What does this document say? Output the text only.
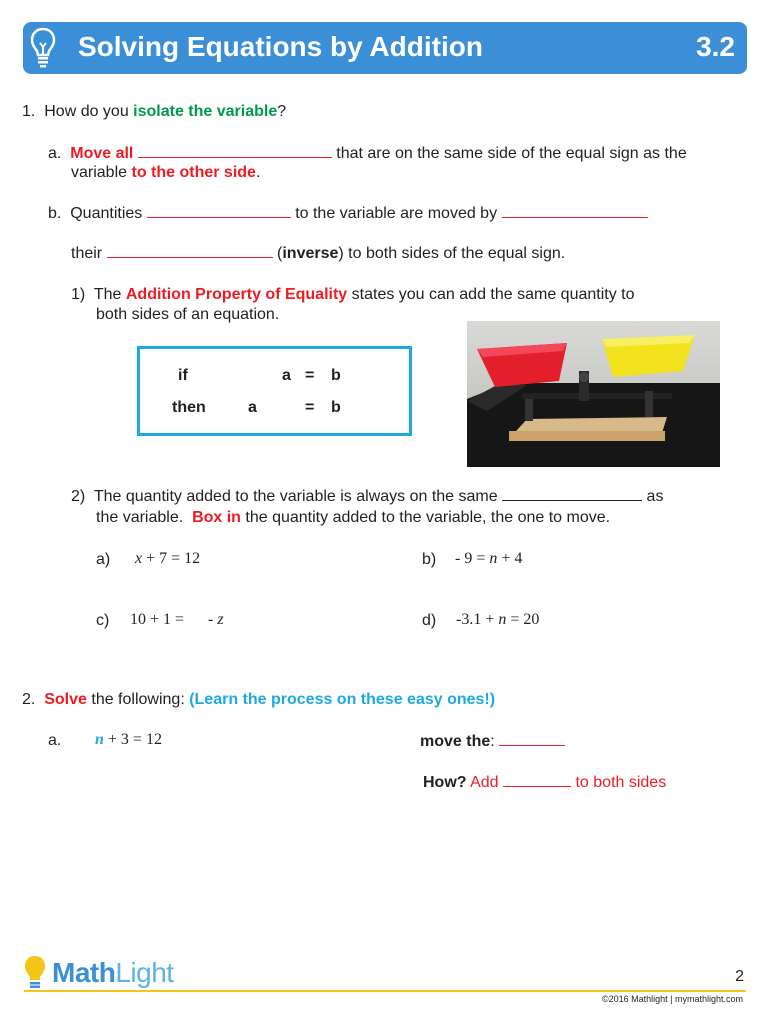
Solving Equations by Addition	3.2
1. How do you isolate the variable?
a. Move all	that are on the same side of the equal sign as the
variable to the other side.
b. Quantities	to the variable are moved by
their	(inverse) to both sides of the equal sign.
1) The Addition Property of Equality states you can add the same quantity to
both sides of an equation.
if	a = b
then	a	= b
2) The quantity added to the variable is always on the same	as
the variable.  Box in the quantity added to the variable, the one to move.
a) x + 7 = 12	b) - 9 = n + 4
c) 10 + 1 =      - z	d) -3.1 + n = 20
2. Solve the following: (Learn the process on these easy ones!)
a. n + 3 = 12	move the:
How? Add	to both sides
MathLight	2
©2016 Mathlight | mymathlight.com
